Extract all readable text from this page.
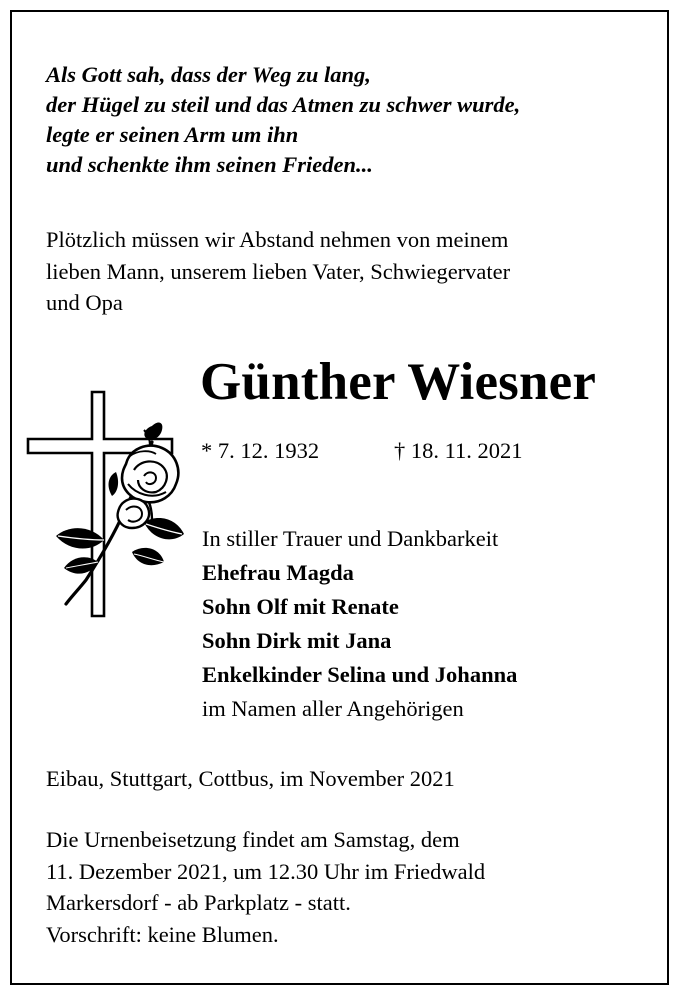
Als Gott sah, dass der Weg zu lang,
der Hügel zu steil und das Atmen zu schwer wurde,
legte er seinen Arm um ihn
und schenkte ihm seinen Frieden...
Plötzlich müssen wir Abstand nehmen von meinem
lieben Mann, unserem lieben Vater, Schwiegervater
und Opa
Günther Wiesner
* 7. 12. 1932	† 18. 11. 2021
In stiller Trauer und Dankbarkeit
Ehefrau Magda
Sohn Olf mit Renate
Sohn Dirk mit Jana
Enkelkinder Selina und Johanna
im Namen aller Angehörigen
Eibau, Stuttgart, Cottbus, im November 2021
Die Urnenbeisetzung findet am Samstag, dem
11. Dezember 2021, um 12.30 Uhr im Friedwald
Markersdorf - ab Parkplatz - statt.
Vorschrift: keine Blumen.
